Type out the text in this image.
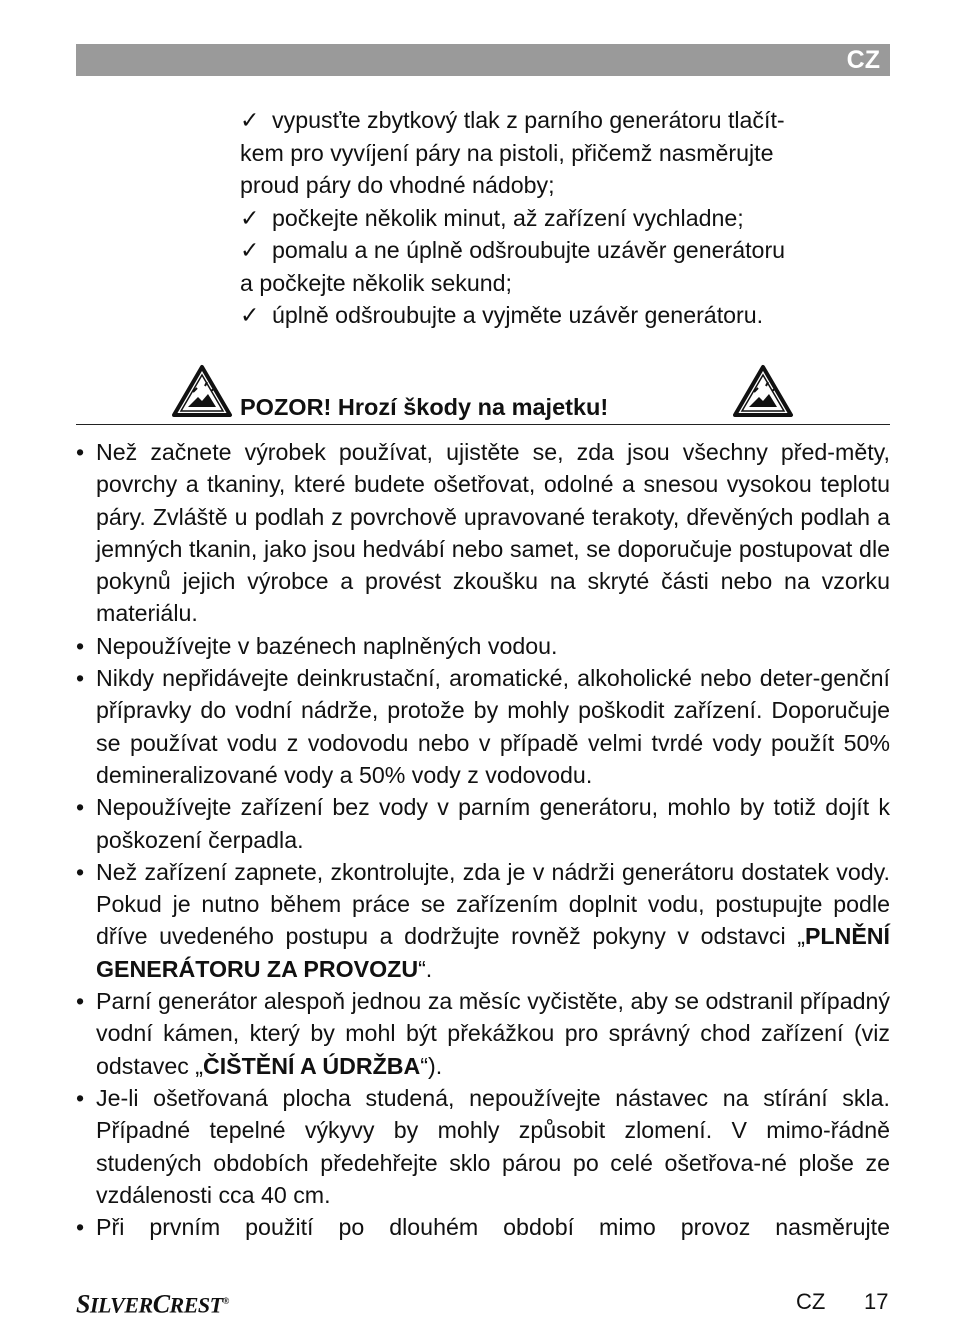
CZ

✓ vypusťte zbytkový tlak z parního generátoru tlačít-
kem pro vyvíjení páry na pistoli, přičemž nasměrujte
proud páry do vhodné nádoby;

✓ počkejte několik minut, až zařízení vychladne;

✓ pomalu a ne úplně odšroubujte uzávěr generátoru
a počkejte několik sekund;

✓ úplně odšroubujte a vyjměte uzávěr generátoru.

POZOR! Hrozí škody na majetku!
• Než začnete výrobek používat, ujistěte se, zda jsou všechny před-měty, povrchy a tkaniny, které budete ošetřovat, odolné a snesou vysokou teplotu páry. Zvláště u podlah z povrchově upravované terakoty, dřevěných podlah a jemných tkanin, jako jsou hedvábí nebo samet, se doporučuje postupovat dle pokynů jejich výrobce a provést zkoušku na skryté části nebo na vzorku materiálu.
• Nepoužívejte v bazénech naplněných vodou.
• Nikdy nepřidávejte deinkrustační, aromatické, alkoholické nebo deter-genční přípravky do vodní nádrže, protože by mohly poškodit zařízení. Doporučuje se používat vodu z vodovodu nebo v případě velmi tvrdé vody použít 50% demineralizované vody a 50% vody z vodovodu.
• Nepoužívejte zařízení bez vody v parním generátoru, mohlo by totiž dojít k poškození čerpadla.
• Než zařízení zapnete, zkontrolujte, zda je v nádrži generátoru dostatek vody. Pokud je nutno během práce se zařízením doplnit vodu, postupujte podle dříve uvedeného postupu a dodržujte rovněž pokyny v odstavci „PLNĚNÍ GENERÁTORU ZA PROVOZU“.
• Parní generátor alespoň jednou za měsíc vyčistěte, aby se odstranil případný vodní kámen, který by mohl být překážkou pro správný chod zařízení (viz odstavec „ČIŠTĚNÍ A ÚDRŽBA“).
• Je-li ošetřovaná plocha studená, nepoužívejte nástavec na stírání skla. Případné tepelné výkyvy by mohly způsobit zlomení. V mimo-řádně studených obdobích předehřejte sklo párou po celé ošetřova-né ploše ze vzdálenosti cca 40 cm.
• Při prvním použití po dlouhém období mimo provoz nasměrujte
SILVERCREST®	CZ 17
